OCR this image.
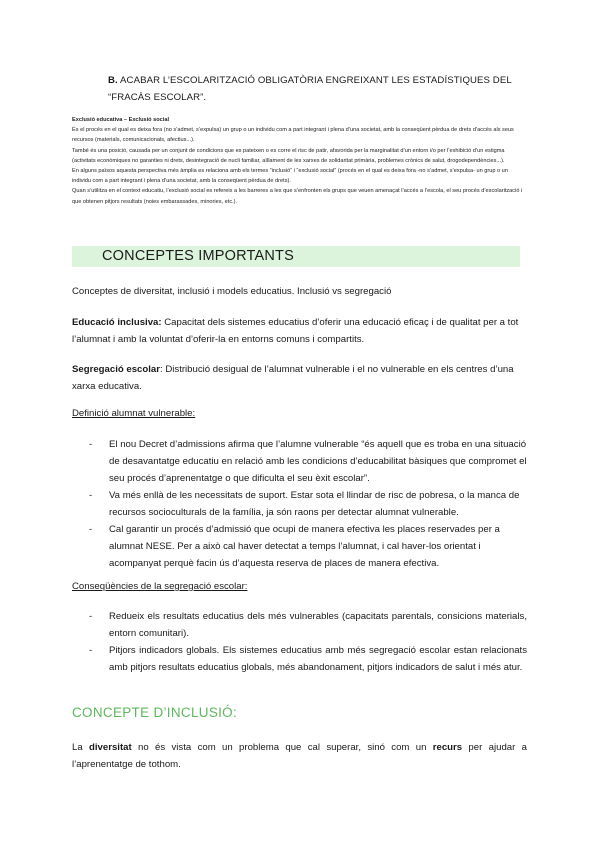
B. ACABAR L’ESCOLARITZACIÓ OBLIGATÒRIA ENGREIXANT LES ESTADÍSTIQUES DEL “FRACÀS ESCOLAR”.

Exclusió educativa – Exclusió social

És el procés en el qual es deixa fora (no s’admet, s’expulsa) un grup o un individu com a part integrant i plena d’una societat, amb la conseqüent pèrdua de drets d’accés als seus recursos (materials, comunicacionals, afectius...).

També és una posició, causada per un conjunt de condicions que es pateixen o es corre el risc de patir, afavorida per la marginalitat d’un entorn i/o per l’exhibició d’un estigma (activitats econòmiques no garanties ni drets, desintegració de nucli familiar, aïllament de les xarxes de solidaritat primària, problemes crònics de salut, drogodependències...).

En alguns països aquesta perspectiva més àmplia es relaciona amb els termes “inclusió” i “exclusió social” (procés en el qual es deixa fora -no s’admet, s’expulsa- un grup o un individu com a part integrant i plena d’una societat, amb la conseqüent pèrdua de drets).

Quan s’utilitza en el context educatiu, l’exclusió social es refereix a les barreres a les que s’enfronten els grups que veuen amenaçat l’accés a l’escola, el seu procés d’escolarització i que obtenen pitjors resultats (noies embarassades, minories, etc.).

CONCEPTES IMPORTANTS

Conceptes de diversitat, inclusió i models educatius. Inclusió vs segregació

Educació inclusiva: Capacitat dels sistemes educatius d’oferir una educació eficaç i de qualitat per a tot l’alumnat i amb la voluntat d’oferir-la en entorns comuns i compartits.

Segregació escolar: Distribució desigual de l’alumnat vulnerable i el no vulnerable en els centres d’una xarxa educativa.

Definició alumnat vulnerable:

- El nou Decret d’admissions afirma que l’alumne vulnerable “és aquell que es troba en una situació de desavantatge educatiu en relació amb les condicions d’educabilitat bàsiques que compromet el seu procés d’aprenentatge o que dificulta el seu èxit escolar”.
- Va més enllà de les necessitats de suport. Estar sota el llindar de risc de pobresa, o la manca de recursos socioculturals de la família, ja són raons per detectar alumnat vulnerable.
- Cal garantir un procés d’admissió que ocupi de manera efectiva les places reservades per a alumnat NESE. Per a això cal haver detectat a temps l’alumnat, i cal haver-los orientat i acompanyat perquè facin ús d’aquesta reserva de places de manera efectiva.

Conseqüències de la segregació escolar:

- Redueix els resultats educatius dels més vulnerables (capacitats parentals, consicions materials, entorn comunitari).
- Pitjors indicadors globals. Els sistemes educatius amb més segregació escolar estan relacionats amb pitjors resultats educatius globals, més abandonament, pitjors indicadors de salut i més atur.

CONCEPTE D’INCLUSIÓ:

La diversitat no és vista com un problema que cal superar, sinó com un recurs per ajudar a l’aprenentatge de tothom.
